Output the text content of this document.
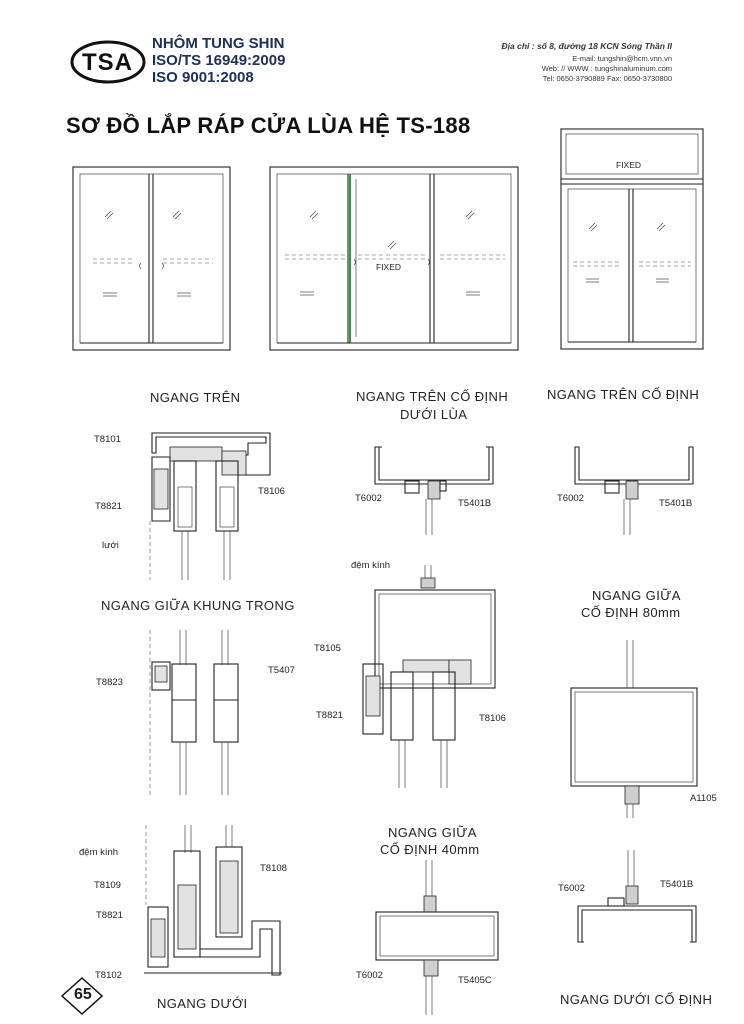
TSA
NHÔM TUNG SHIN
ISO/TS 16949:2009
ISO 9001:2008
Địa chỉ : số 8, đường 18 KCN Sóng Thần II
E-mail: tungshin@hcm.vnn.vn
Web: // WWW : tungshinaluminum.com
Tel: 0650-3790889 Fax: 0650-3730800
SƠ ĐỒ LẮP RÁP CỬA LÙA HỆ TS-188
FIXED
FIXED
NGANG TRÊN	NGANG TRÊN CỐ ĐỊNH
DƯỚI LÙA
NGANG TRÊN CỐ ĐỊNH
NGANG GIỮA KHUNG TRONG
NGANG GIỮA
CỐ ĐỊNH 80mm
NGANG GIỮA
CỐ ĐỊNH 40mm
NGANG DƯỚI	NGANG DƯỚI CỐ ĐỊNH
T8101
T8821
lưới
T8106
T6002	T5401B	T6002	T5401B
đệm kính
T8105
T8821	T8106
T8823
T5407
A1105
đệm kính
T8109
T8108
T8821
T8102	T6002	T5405C
T6002	T5401B
65
